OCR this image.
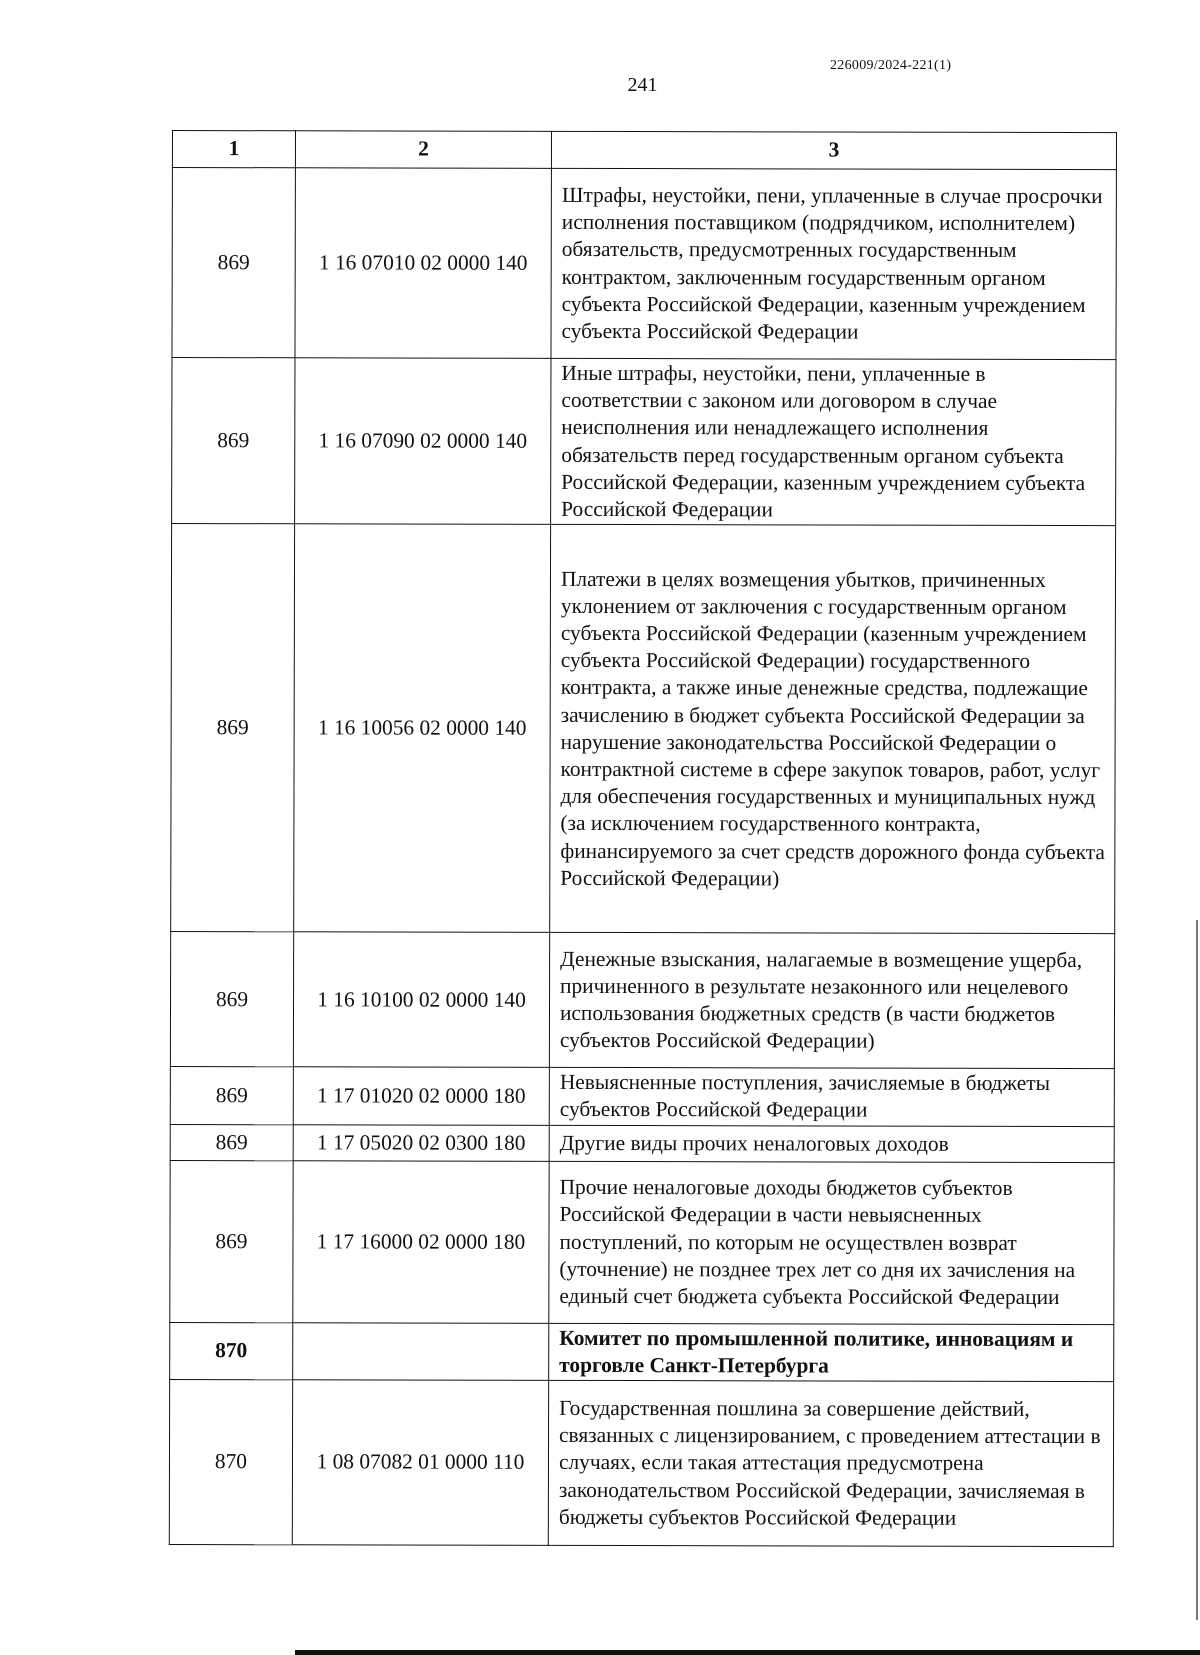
226009/2024-221(1)
241
1	2	3
869	1 16 07010 02 0000 140	Штрафы, неустойки, пени, уплаченные в случае просрочки исполнения поставщиком (подрядчиком, исполнителем) обязательств, предусмотренных государственным контрактом, заключенным государственным органом субъекта Российской Федерации, казенным учреждением субъекта Российской Федерации
869	1 16 07090 02 0000 140	Иные штрафы, неустойки, пени, уплаченные в соответствии с законом или договором в случае неисполнения или ненадлежащего исполнения обязательств перед государственным органом субъекта Российской Федерации, казенным учреждением субъекта Российской Федерации
869	1 16 10056 02 0000 140	Платежи в целях возмещения убытков, причиненных уклонением от заключения с государственным органом субъекта Российской Федерации (казенным учреждением субъекта Российской Федерации) государственного контракта, а также иные денежные средства, подлежащие зачислению в бюджет субъекта Российской Федерации за нарушение законодательства Российской Федерации о контрактной системе в сфере закупок товаров, работ, услуг для обеспечения государственных и муниципальных нужд (за исключением государственного контракта, финансируемого за счет средств дорожного фонда субъекта Российской Федерации)
869	1 16 10100 02 0000 140	Денежные взыскания, налагаемые в возмещение ущерба, причиненного в результате незаконного или нецелевого использования бюджетных средств (в части бюджетов субъектов Российской Федерации)
869	1 17 01020 02 0000 180	Невыясненные поступления, зачисляемые в бюджеты субъектов Российской Федерации
869	1 17 05020 02 0300 180	Другие виды прочих неналоговых доходов
869	1 17 16000 02 0000 180	Прочие неналоговые доходы бюджетов субъектов Российской Федерации в части невыясненных поступлений, по которым не осуществлен возврат (уточнение) не позднее трех лет со дня их зачисления на единый счет бюджета субъекта Российской Федерации
870		Комитет по промышленной политике, инновациям и торговле Санкт-Петербурга
870	1 08 07082 01 0000 110	Государственная пошлина за совершение действий, связанных с лицензированием, с проведением аттестации в случаях, если такая аттестация предусмотрена законодательством Российской Федерации, зачисляемая в бюджеты субъектов Российской Федерации
